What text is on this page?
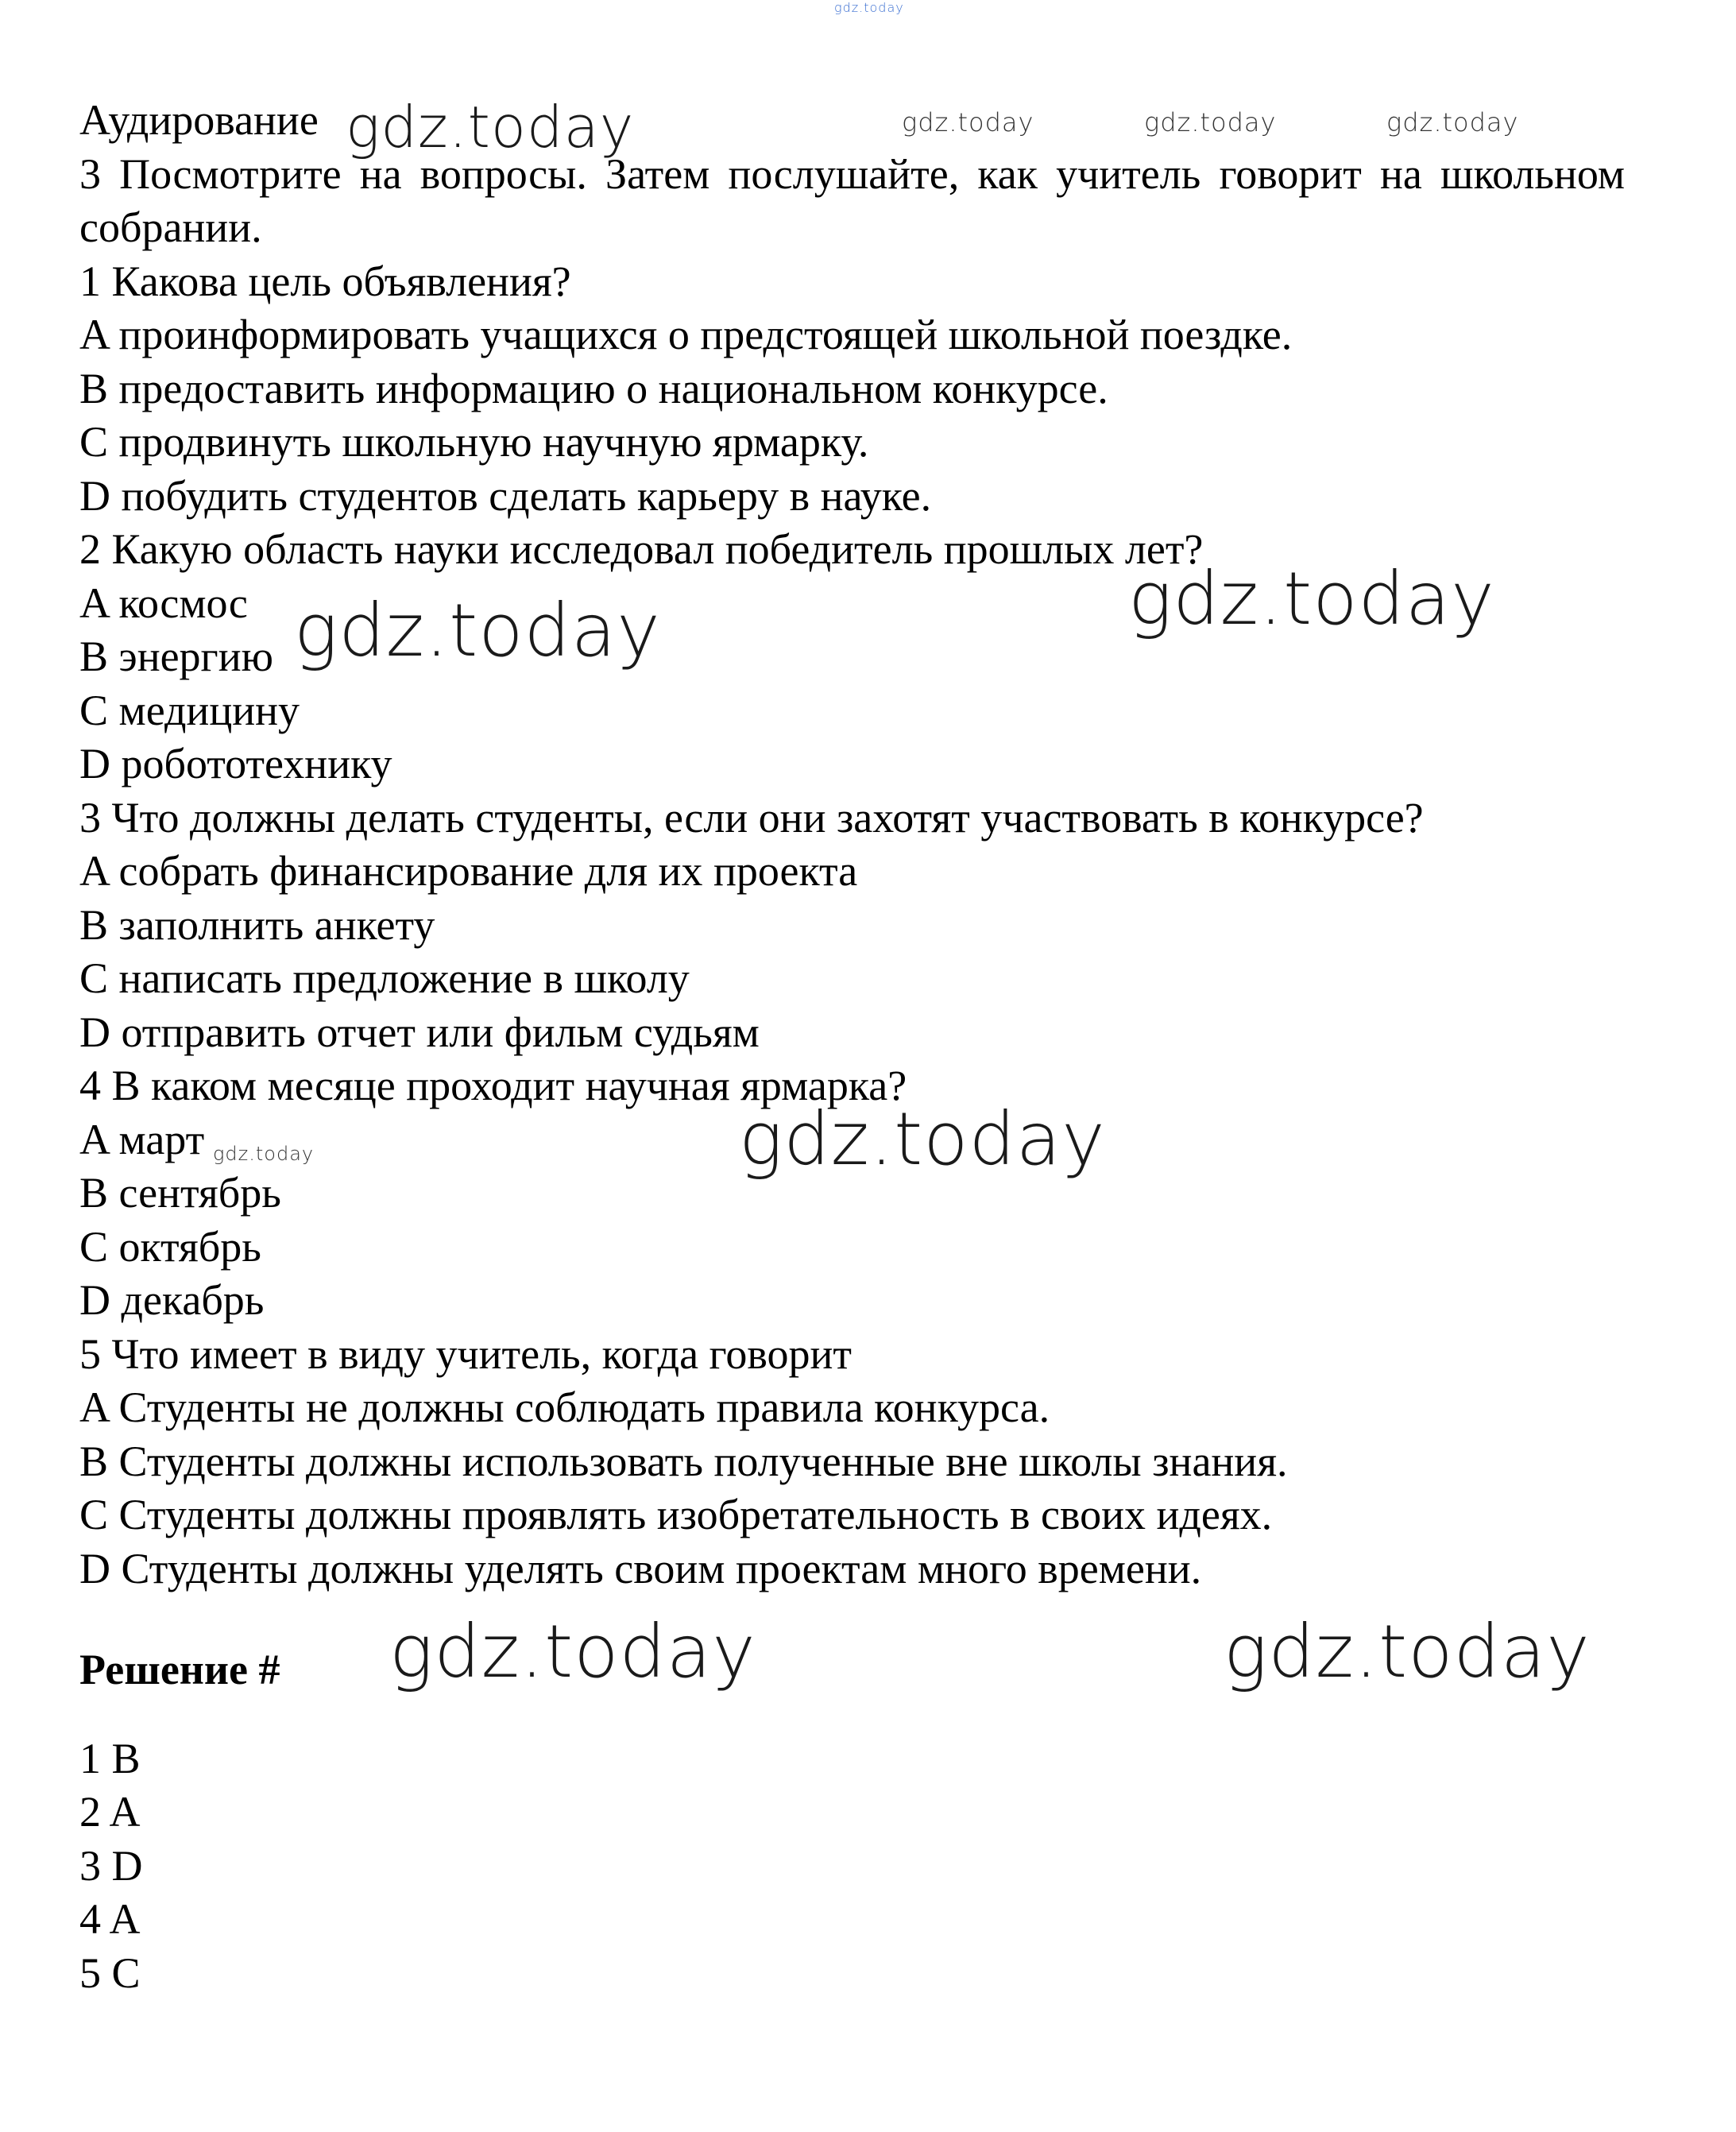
Аудирование

3 Посмотрите на вопросы. Затем послушайте, как учитель говорит на школьном собрании.

1 Какова цель объявления?

A проинформировать учащихся о предстоящей школьной поездке.

B предоставить информацию о национальном конкурсе.

C продвинуть школьную научную ярмарку.

D побудить студентов сделать карьеру в науке.

2 Какую область науки исследовал победитель прошлых лет?

A космос

B энергию

C медицину

D робототехнику

3 Что должны делать студенты, если они захотят участвовать в конкурсе?

A собрать финансирование для их проекта

B заполнить анкету

C написать предложение в школу

D отправить отчет или фильм судьям

4 В каком месяце проходит научная ярмарка?

A март

B сентябрь

C октябрь

D декабрь

5 Что имеет в виду учитель, когда говорит

A Студенты не должны соблюдать правила конкурса.

B Студенты должны использовать полученные вне школы знания.

C Студенты должны проявлять изобретательность в своих идеях.

D Студенты должны уделять своим проектам много времени.

Решение #

1 B

2 A

3 D

4 A

5 C

gdz.today
gdz.today	gdz.today	gdz.today	gdz.today
gdz.today
gdz.today
gdz.today	gdz.today
gdz.today	gdz.today
